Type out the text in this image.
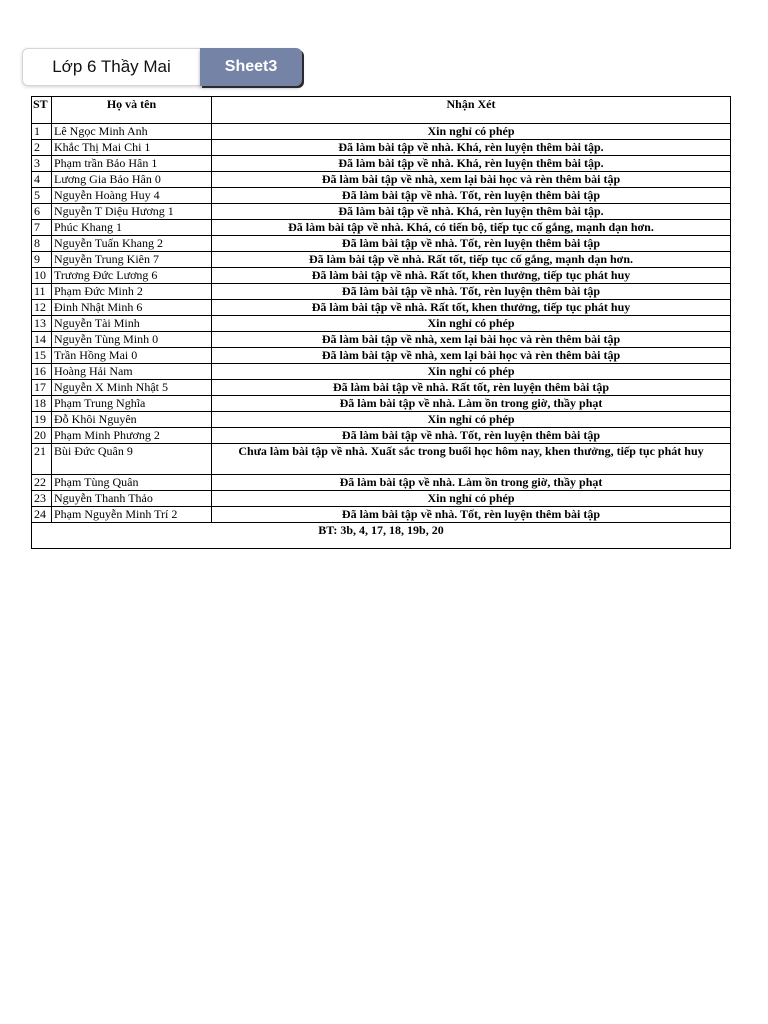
Lớp 6 Thầy Mai	Sheet3
ST	Họ và tên	Nhận Xét
1	Lê Ngọc Minh Anh	Xin nghỉ có phép
2	Khắc Thị Mai Chi 1	Đã làm bài tập về nhà. Khá, rèn luyện thêm bài tập.
3	Phạm trần Bảo Hân 1	Đã làm bài tập về nhà. Khá, rèn luyện thêm bài tập.
4	Lương Gia Bảo Hân 0	Đã làm bài tập về nhà, xem lại bài học và rèn thêm bài tập
5	Nguyễn Hoàng Huy 4	Đã làm bài tập về nhà. Tốt, rèn luyện thêm bài tập
6	Nguyễn T Diệu Hương 1	Đã làm bài tập về nhà. Khá, rèn luyện thêm bài tập.
7	Phúc Khang 1	Đã làm bài tập về nhà. Khá, có tiến bộ, tiếp tục cố gắng, mạnh dạn hơn.
8	Nguyễn Tuấn Khang 2	Đã làm bài tập về nhà. Tốt, rèn luyện thêm bài tập
9	Nguyễn Trung Kiên 7	Đã làm bài tập về nhà. Rất tốt, tiếp tục cố gắng, mạnh dạn hơn.
10	Trương Đức Lương 6	Đã làm bài tập về nhà. Rất tốt, khen thưởng, tiếp tục phát huy
11	Phạm Đức Minh 2	Đã làm bài tập về nhà. Tốt, rèn luyện thêm bài tập
12	Đinh Nhật Minh 6	Đã làm bài tập về nhà. Rất tốt, khen thưởng, tiếp tục phát huy
13	Nguyễn Tài Minh	Xin nghỉ có phép
14	Nguyễn Tùng Minh 0	Đã làm bài tập về nhà, xem lại bài học và rèn thêm bài tập
15	Trần Hồng Mai 0	Đã làm bài tập về nhà, xem lại bài học và rèn thêm bài tập
16	Hoàng Hải Nam	Xin nghỉ có phép
17	Nguyễn X Minh Nhật 5	Đã làm bài tập về nhà. Rất tốt, rèn luyện thêm bài tập
18	Phạm Trung Nghĩa	Đã làm bài tập về nhà. Làm ồn trong giờ, thầy phạt
19	Đỗ Khôi Nguyên	Xin nghỉ có phép
20	Phạm Minh Phương 2	Đã làm bài tập về nhà. Tốt, rèn luyện thêm bài tập
21	Bùi Đức Quân 9	Chưa làm bài tập về nhà. Xuất sắc trong buổi học hôm nay, khen thưởng, tiếp tục phát huy
22	Phạm Tùng Quân	Đã làm bài tập về nhà. Làm ồn trong giờ, thầy phạt
23	Nguyễn Thanh Thảo	Xin nghỉ có phép
24	Phạm Nguyễn Minh Trí 2	Đã làm bài tập về nhà. Tốt, rèn luyện thêm bài tập
BT: 3b, 4, 17, 18, 19b, 20		
